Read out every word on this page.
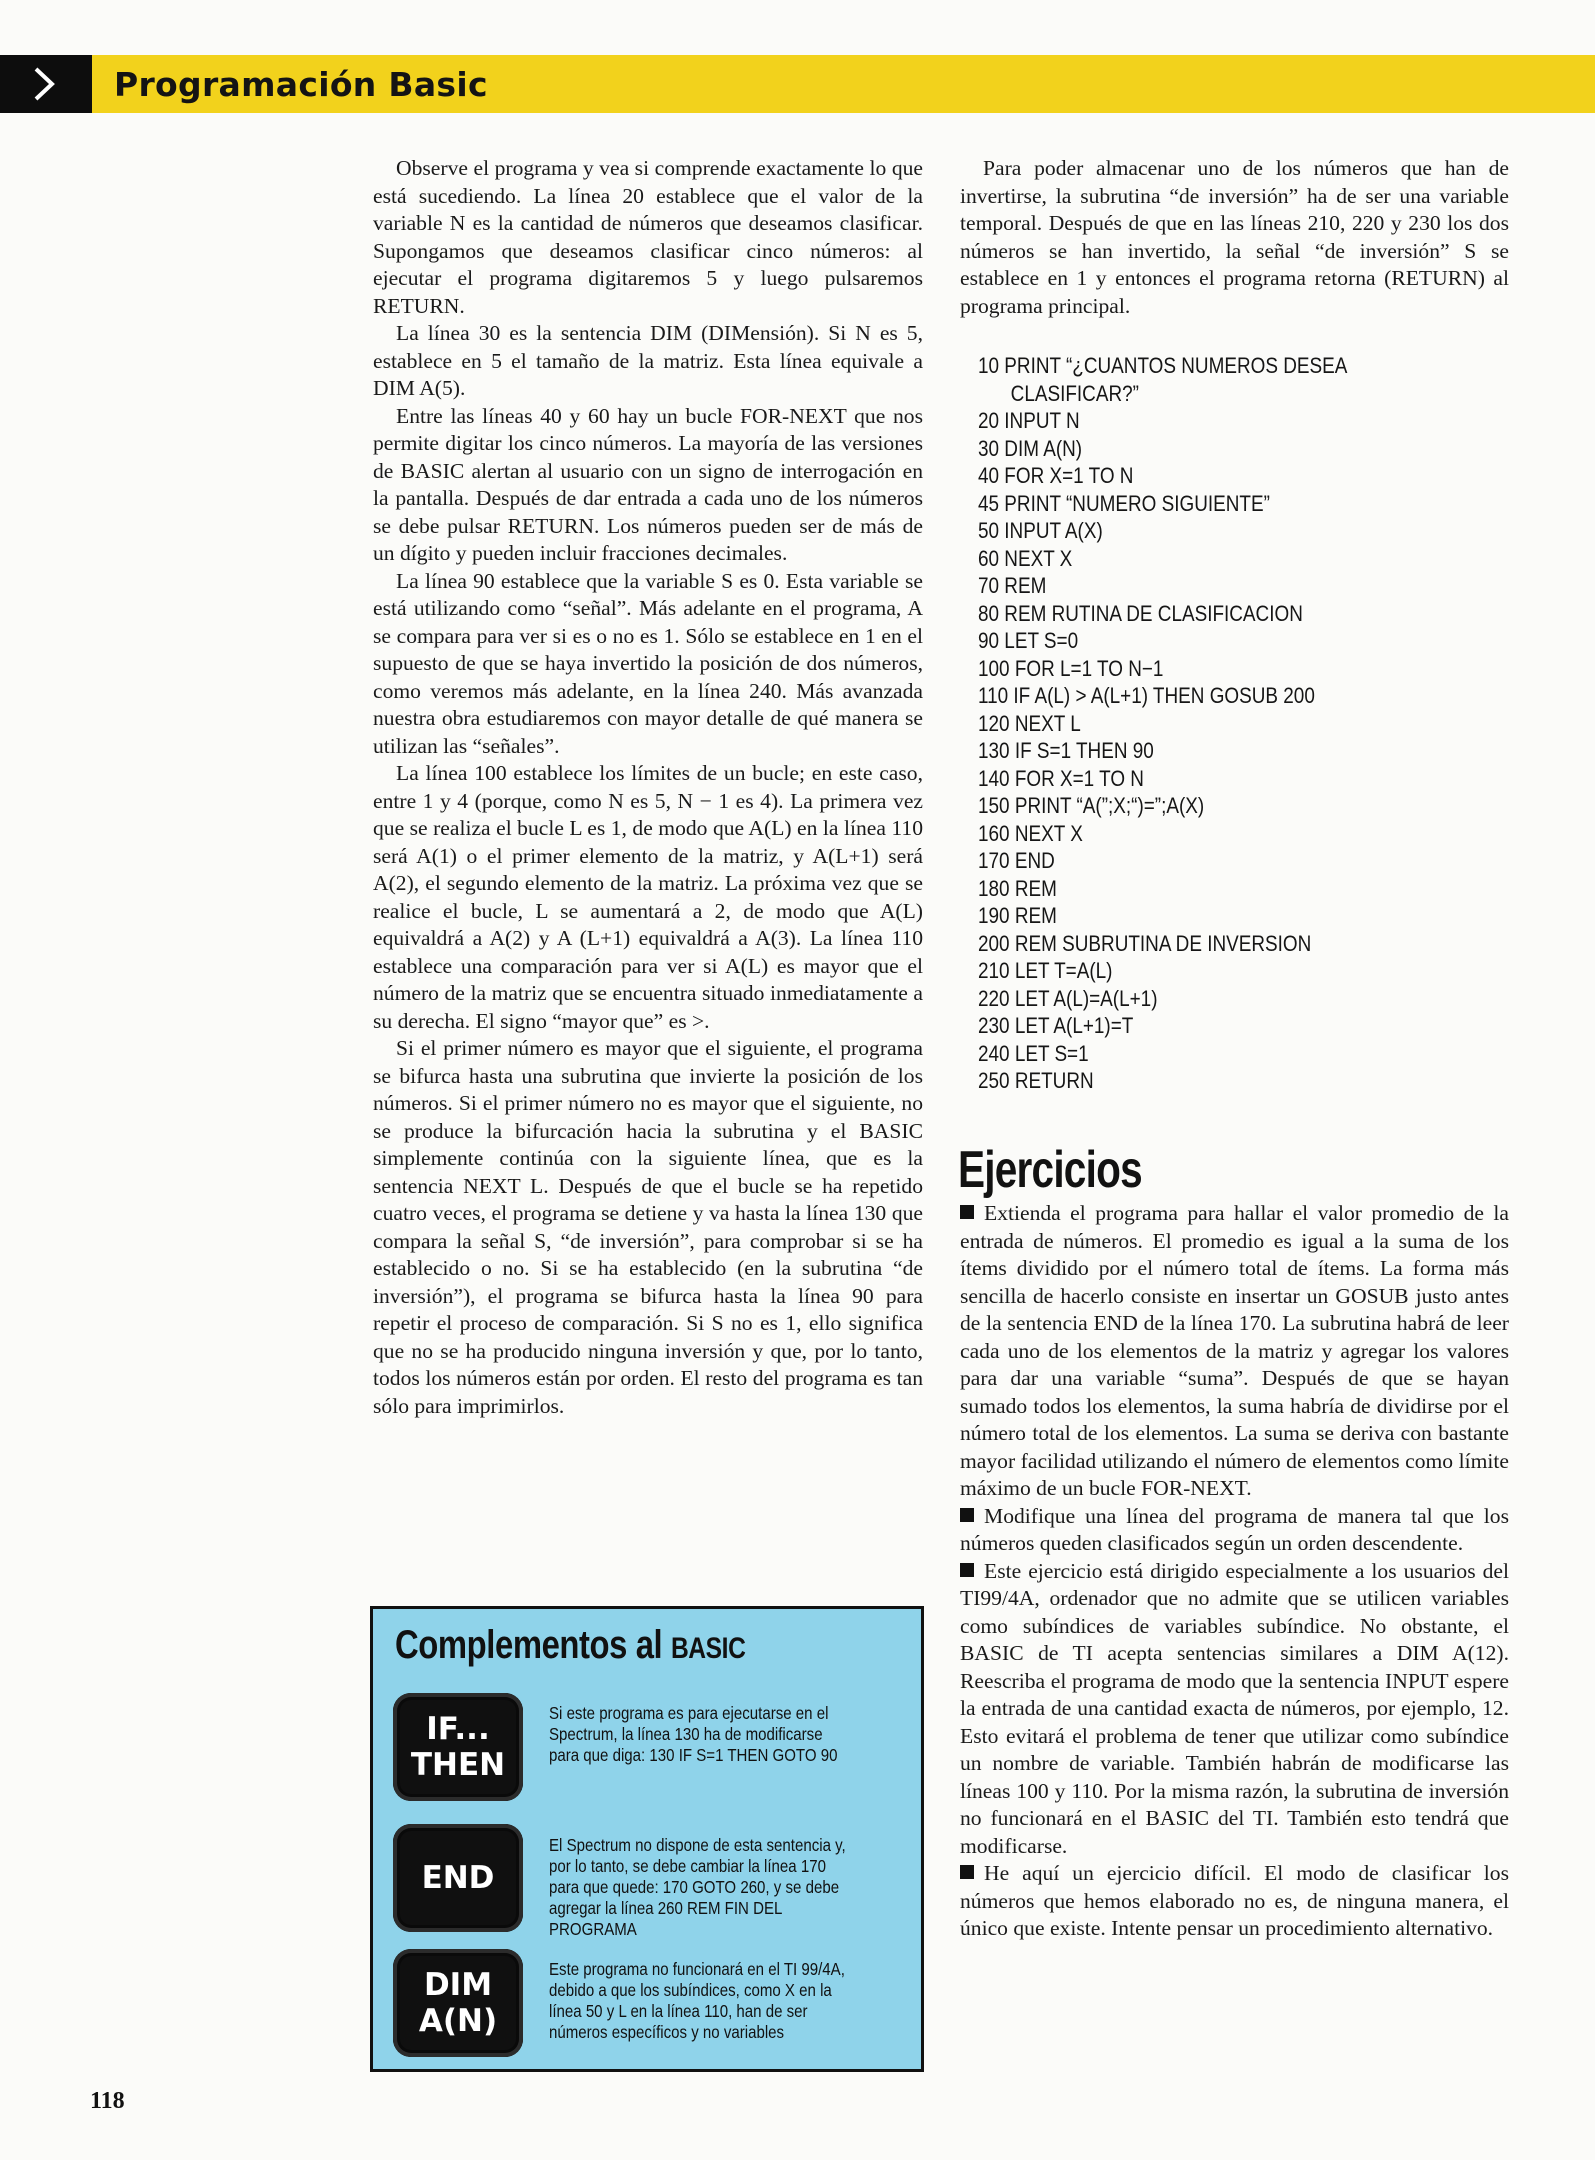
Programación Basic

Observe el programa y vea si comprende exactamente lo que está sucediendo. La línea 20 establece que el valor de la variable N es la cantidad de números que deseamos clasificar. Supongamos que deseamos clasificar cinco números: al ejecutar el programa digitaremos 5 y luego pulsaremos RETURN.

La línea 30 es la sentencia DIM (DIMensión). Si N es 5, establece en 5 el tamaño de la matriz. Esta línea equivale a DIM A(5).

Entre las líneas 40 y 60 hay un bucle FOR-NEXT que nos permite digitar los cinco números. La mayoría de las versiones de BASIC alertan al usuario con un signo de interrogación en la pantalla. Después de dar entrada a cada uno de los números se debe pulsar RETURN. Los números pueden ser de más de un dígito y pueden incluir fracciones decimales.

La línea 90 establece que la variable S es 0. Esta variable se está utilizando como “señal”. Más adelante en el programa, A se compara para ver si es o no es 1. Sólo se establece en 1 en el supuesto de que se haya invertido la posición de dos números, como veremos más adelante, en la línea 240. Más avanzada nuestra obra estudiaremos con mayor detalle de qué manera se utilizan las “señales”.

La línea 100 establece los límites de un bucle; en este caso, entre 1 y 4 (porque, como N es 5, N − 1 es 4). La primera vez que se realiza el bucle L es 1, de modo que A(L) en la línea 110 será A(1) o el primer elemento de la matriz, y A(L+1) será A(2), el segundo elemento de la matriz. La próxima vez que se realice el bucle, L se aumentará a 2, de modo que A(L) equivaldrá a A(2) y A (L+1) equivaldrá a A(3). La línea 110 establece una comparación para ver si A(L) es mayor que el número de la matriz que se encuentra situado inmediatamente a su derecha. El signo “mayor que” es >.

Si el primer número es mayor que el siguiente, el programa se bifurca hasta una subrutina que invierte la posición de los números. Si el primer número no es mayor que el siguiente, no se produce la bifurcación hacia la subrutina y el BASIC simplemente continúa con la siguiente línea, que es la sentencia NEXT L. Después de que el bucle se ha repetido cuatro veces, el programa se detiene y va hasta la línea 130 que compara la señal S, “de inversión”, para comprobar si se ha establecido o no. Si se ha establecido (en la subrutina “de inversión”), el programa se bifurca hasta la línea 90 para repetir el proceso de comparación. Si S no es 1, ello significa que no se ha producido ninguna inversión y que, por lo tanto, todos los números están por orden. El resto del programa es tan sólo para imprimirlos.

Para poder almacenar uno de los números que han de invertirse, la subrutina “de inversión” ha de ser una variable temporal. Después de que en las líneas 210, 220 y 230 los dos números se han invertido, la señal “de inversión” S se establece en 1 y entonces el programa retorna (RETURN) al programa principal.

10 PRINT “¿CUANTOS NUMEROS DESEA
CLASIFICAR?”
20 INPUT N
30 DIM A(N)
40 FOR X=1 TO N
45 PRINT “NUMERO SIGUIENTE”
50 INPUT A(X)
60 NEXT X
70 REM
80 REM RUTINA DE CLASIFICACION
90 LET S=0
100 FOR L=1 TO N−1
110 IF A(L) > A(L+1) THEN GOSUB 200
120 NEXT L
130 IF S=1 THEN 90
140 FOR X=1 TO N
150 PRINT “A(”;X;“)=”;A(X)
160 NEXT X
170 END
180 REM
190 REM
200 REM SUBRUTINA DE INVERSION
210 LET T=A(L)
220 LET A(L)=A(L+1)
230 LET A(L+1)=T
240 LET S=1
250 RETURN
Ejercicios

Extienda el programa para hallar el valor promedio de la entrada de números. El promedio es igual a la suma de los ítems dividido por el número total de ítems. La forma más sencilla de hacerlo consiste en insertar un GOSUB justo antes de la sentencia END de la línea 170. La subrutina habrá de leer cada uno de los elementos de la matriz y agregar los valores para dar una variable “suma”. Después de que se hayan sumado todos los elementos, la suma habría de dividirse por el número total de los elementos. La suma se deriva con bastante mayor facilidad utilizando el número de elementos como límite máximo de un bucle FOR-NEXT.

Modifique una línea del programa de manera tal que los números queden clasificados según un orden descendente.

Este ejercicio está dirigido especialmente a los usuarios del TI99/4A, ordenador que no admite que se utilicen variables como subíndices de variables subíndice. No obstante, el BASIC de TI acepta sentencias similares a DIM A(12). Reescriba el programa de modo que la sentencia INPUT espere la entrada de una cantidad exacta de números, por ejemplo, 12. Esto evitará el problema de tener que utilizar como subíndice un nombre de variable. También habrán de modificarse las líneas 100 y 110. Por la misma razón, la subrutina de inversión no funcionará en el BASIC del TI. También esto tendrá que modificarse.

He aquí un ejercicio difícil. El modo de clasificar los números que hemos elaborado no es, de ninguna manera, el único que existe. Intente pensar un procedimiento alternativo.

Complementos al BASIC
IF...
THEN
Si este programa es para ejecutarse en el Spectrum, la línea 130 ha de modificarse para que diga: 130 IF S=1 THEN GOTO 90
END
El Spectrum no dispone de esta sentencia y, por lo tanto, se debe cambiar la línea 170 para que quede: 170 GOTO 260, y se debe agregar la línea 260 REM FIN DEL PROGRAMA
DIM
A(N)
Este programa no funcionará en el TI 99/4A, debido a que los subíndices, como X en la línea 50 y L en la línea 110, han de ser números específicos y no variables
118
